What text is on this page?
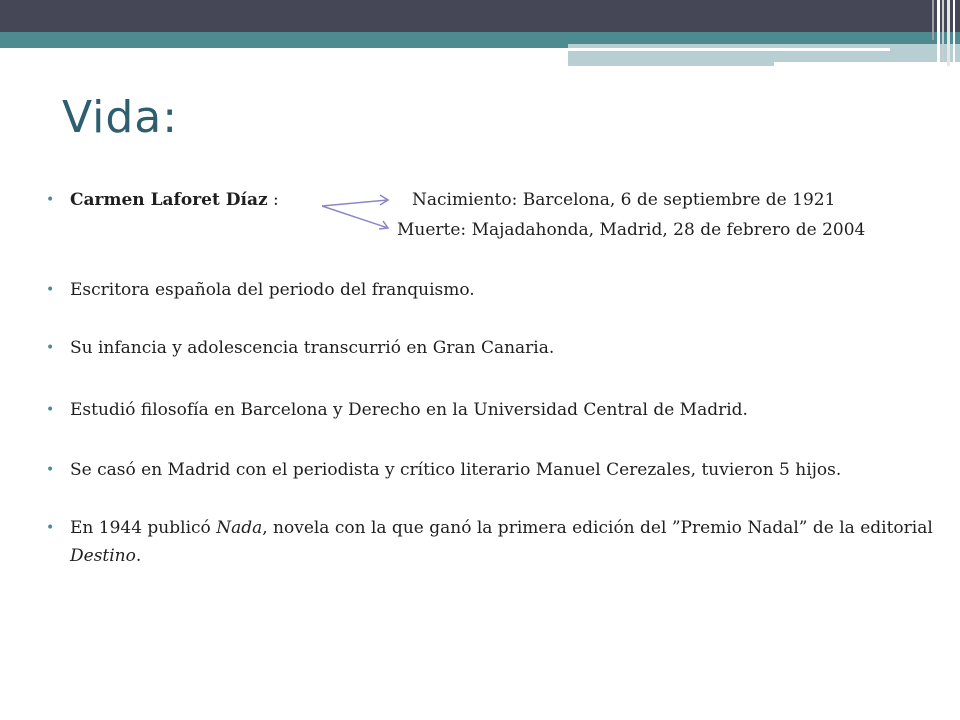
Vida:
• Carmen Laforet Díaz :	Nacimiento: Barcelona, 6 de septiembre de 1921
Muerte: Majadahonda, Madrid, 28 de febrero de 2004
• Escritora española del periodo del franquismo.
• Su infancia y adolescencia transcurrió en Gran Canaria.
• Estudió filosofía en Barcelona y Derecho en la Universidad Central de Madrid.
• Se casó en Madrid con el periodista y crítico literario Manuel Cerezales, tuvieron 5 hijos.
• En 1944 publicó Nada, novela con la que ganó la primera edición del ”Premio Nadal” de la editorial Destino.
